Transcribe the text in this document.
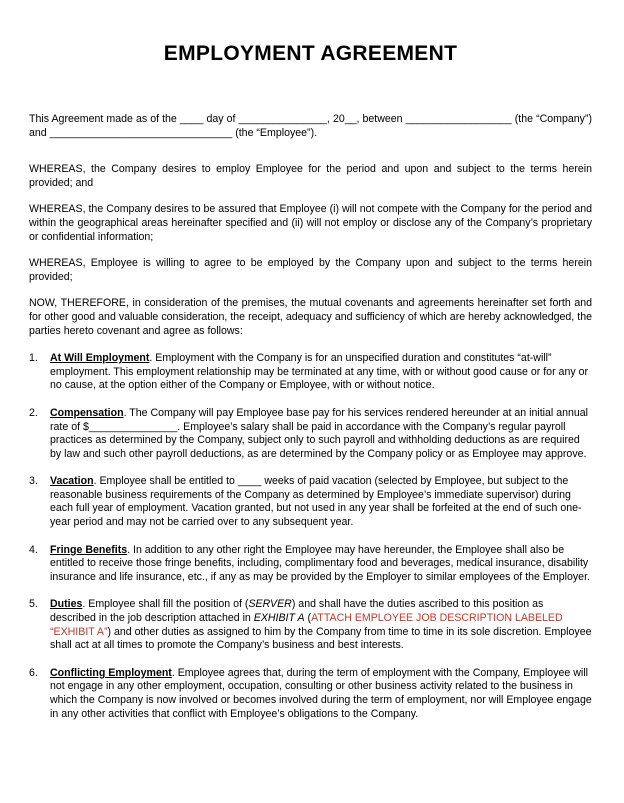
EMPLOYMENT AGREEMENT

This Agreement made as of the ____ day of _______________, 20__, between __________________ (the “Company”) and _______________________________ (the “Employee”).

WHEREAS, the Company desires to employ Employee for the period and upon and subject to the terms herein provided; and

WHEREAS, the Company desires to be assured that Employee (i) will not compete with the Company for the period and within the geographical areas hereinafter specified and (ii) will not employ or disclose any of the Company’s proprietary or confidential information;

WHEREAS, Employee is willing to agree to be employed by the Company upon and subject to the terms herein provided;

NOW, THEREFORE, in consideration of the premises, the mutual covenants and agreements hereinafter set forth and for other good and valuable consideration, the receipt, adequacy and sufficiency of which are hereby acknowledged, the parties hereto covenant and agree as follows:

1.	At Will Employment. Employment with the Company is for an unspecified duration and constitutes “at-will” employment. This employment relationship may be terminated at any time, with or without good cause or for any or no cause, at the option either of the Company or Employee, with or without notice.
2.	Compensation. The Company will pay Employee base pay for his services rendered hereunder at an initial annual rate of $_______________. Employee’s salary shall be paid in accordance with the Company’s regular payroll practices as determined by the Company, subject only to such payroll and withholding deductions as are required by law and such other payroll deductions, as are determined by the Company policy or as Employee may approve.
3.	Vacation. Employee shall be entitled to ____ weeks of paid vacation (selected by Employee, but subject to the reasonable business requirements of the Company as determined by Employee’s immediate supervisor) during each full year of employment. Vacation granted, but not used in any year shall be forfeited at the end of such one-year period and may not be carried over to any subsequent year.
4.	Fringe Benefits. In addition to any other right the Employee may have hereunder, the Employee shall also be entitled to receive those fringe benefits, including, complimentary food and beverages, medical insurance, disability insurance and life insurance, etc., if any as may be provided by the Employer to similar employees of the Employer.
5.	Duties. Employee shall fill the position of (SERVER) and shall have the duties ascribed to this position as described in the job description attached in EXHIBIT A (ATTACH EMPLOYEE JOB DESCRIPTION LABELED “EXHIBIT A”) and other duties as assigned to him by the Company from time to time in its sole discretion. Employee shall act at all times to promote the Company’s business and best interests.
6.	Conflicting Employment. Employee agrees that, during the term of employment with the Company, Employee will not engage in any other employment, occupation, consulting or other business activity related to the business in which the Company is now involved or becomes involved during the term of employment, nor will Employee engage in any other activities that conflict with Employee’s obligations to the Company.
